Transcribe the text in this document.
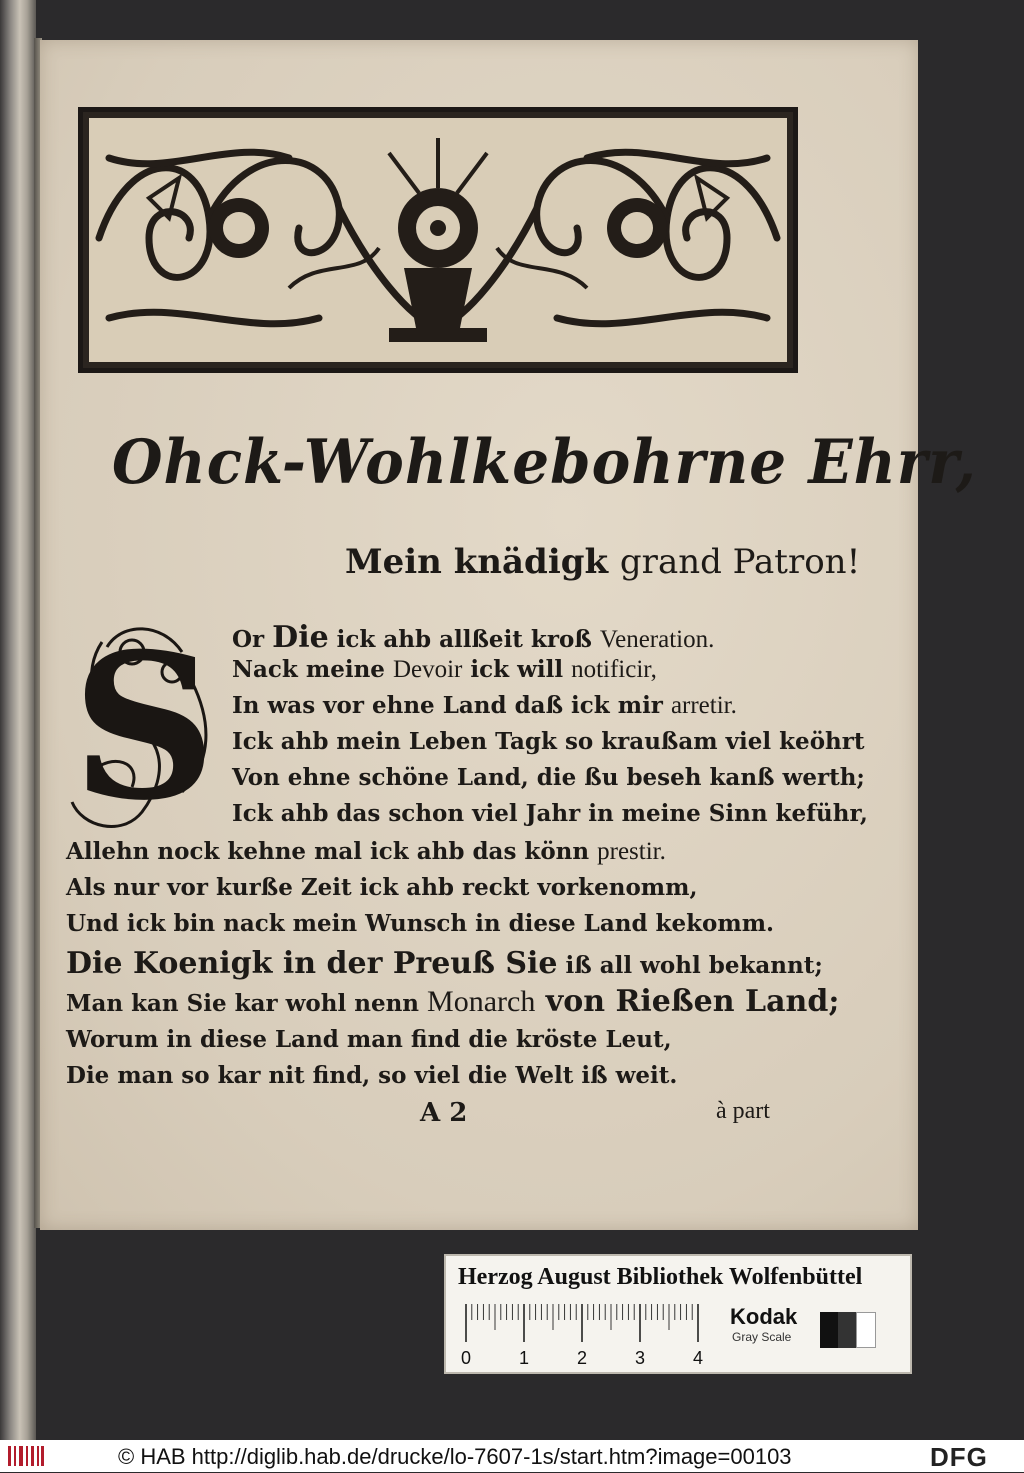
Ohck-Wohlkebohrne Ehrr,
Mein knädigk grand Patron!
S Or Die ick ahb allßeit kroß Veneration.
Nack meine Devoir ick will notificir,
In was vor ehne Land daß ick mir arretir.
Ick ahb mein Leben Tagk so kraußam viel keöhrt
Von ehne schöne Land, die ßu beseh kanß werth;
Ick ahb das schon viel Jahr in meine Sinn keführ,
Allehn nock kehne mal ick ahb das könn prestir.
Als nur vor kurße Zeit ick ahb reckt vorkenomm,
Und ick bin nack mein Wunsch in diese Land kekomm.
Die Koenigk in der Preuß Sie iß all wohl bekannt;
Man kan Sie kar wohl nenn Monarch von Rießen Land;
Worum in diese Land man find die kröste Leut,
Die man so kar nit find, so viel die Welt iß weit.
A 2	à part
Herzog August Bibliothek Wolfenbüttel
0	1	2	3	4
Kodak
Gray Scale
© HAB http://diglib.hab.de/drucke/lo-7607-1s/start.htm?image=00103	DFG
